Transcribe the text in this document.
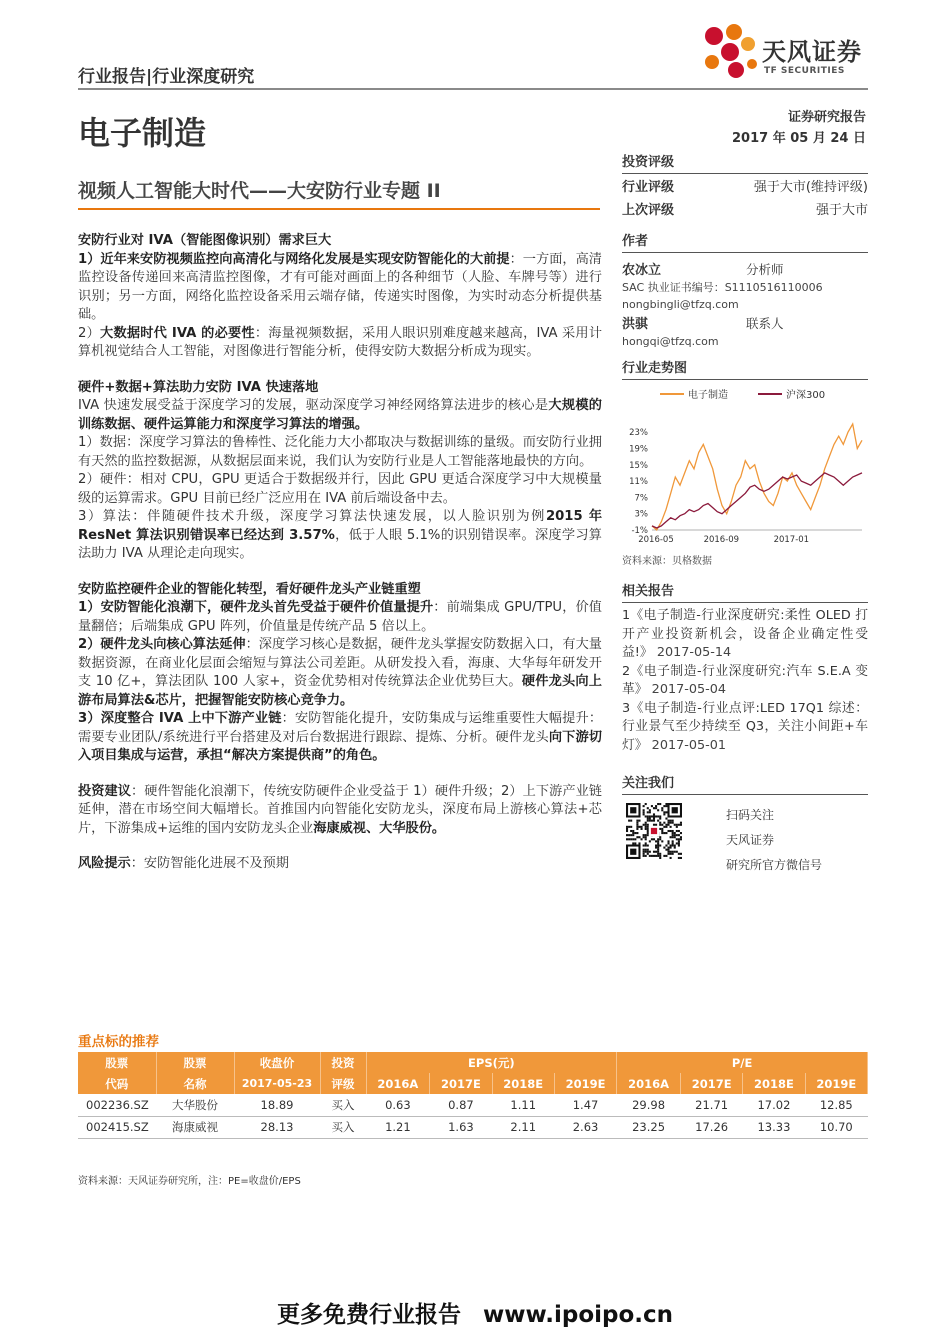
行业报告|行业深度研究
天风证券
TF SECURITIES
电子制造	证券研究报告
2017 年 05 月 24 日
视频人工智能大时代——大安防行业专题 II

安防行业对 IVA（智能图像识别）需求巨大

1）近年来安防视频监控向高清化与网络化发展是实现安防智能化的大前提：一方面，高清监控设备传递回来高清监控图像，才有可能对画面上的各种细节（人脸、车牌号等）进行识别；另一方面，网络化监控设备采用云端存储，传递实时图像，为实时动态分析提供基础。

2）大数据时代 IVA 的必要性：海量视频数据，采用人眼识别难度越来越高，IVA 采用计算机视觉结合人工智能，对图像进行智能分析，使得安防大数据分析成为现实。

硬件+数据+算法助力安防 IVA 快速落地

IVA 快速发展受益于深度学习的发展，驱动深度学习神经网络算法进步的核心是大规模的训练数据、硬件运算能力和深度学习算法的增强。

1）数据：深度学习算法的鲁棒性、泛化能力大小都取决与数据训练的量级。而安防行业拥有天然的监控数据源，从数据层面来说，我们认为安防行业是人工智能落地最快的方向。

2）硬件：相对 CPU，GPU 更适合于数据级并行，因此 GPU 更适合深度学习中大规模量级的运算需求。GPU 目前已经广泛应用在 IVA 前后端设备中去。

3）算法：伴随硬件技术升级，深度学习算法快速发展，以人脸识别为例2015 年 ResNet 算法识别错误率已经达到 3.57%，低于人眼 5.1%的识别错误率。深度学习算法助力 IVA 从理论走向现实。

安防监控硬件企业的智能化转型，看好硬件龙头产业链重塑

1）安防智能化浪潮下，硬件龙头首先受益于硬件价值量提升：前端集成 GPU/TPU，价值量翻倍；后端集成 GPU 阵列，价值量是传统产品 5 倍以上。

2）硬件龙头向核心算法延伸：深度学习核心是数据，硬件龙头掌握安防数据入口，有大量数据资源，在商业化层面会缩短与算法公司差距。从研发投入看，海康、大华每年研发开支 10 亿+，算法团队 100 人家+，资金优势相对传统算法企业优势巨大。硬件龙头向上游布局算法&芯片，把握智能安防核心竞争力。

3）深度整合 IVA 上中下游产业链：安防智能化提升，安防集成与运维重要性大幅提升：需要专业团队/系统进行平台搭建及对后台数据进行跟踪、提炼、分析。硬件龙头向下游切入项目集成与运营，承担“解决方案提供商”的角色。

投资建议：硬件智能化浪潮下，传统安防硬件企业受益于 1）硬件升级；2）上下游产业链延伸，潜在市场空间大幅增长。首推国内向智能化安防龙头，深度布局上游核心算法+芯片，下游集成+运维的国内安防龙头企业海康威视、大华股份。

风险提示：安防智能化进展不及预期

投资评级
行业评级	强于大市(维持评级)
上次评级	强于大市
作者
农冰立	分析师
SAC 执业证书编号：S1110516110006
nongbingli@tfzq.com
洪骐	联系人
hongqi@tfzq.com
行业走势图
电子制造	沪深300
23%
19%
15%
11%
7%
3%
-1%
2016-05	2016-09	2017-01
资料来源：贝格数据
相关报告
1《电子制造-行业深度研究:柔性 OLED 打开产业投资新机会，设备企业确定性受益!》 2017-05-14
2《电子制造-行业深度研究:汽车 S.E.A 变革》 2017-05-04
3《电子制造-行业点评:LED 17Q1 综述：行业景气至少持续至 Q3，关注小间距+车灯》 2017-05-01
关注我们
扫码关注
天风证券
研究所官方微信号
重点标的推荐
股票	股票	收盘价	投资	EPS(元)				P/E			
代码	名称	2017-05-23	评级	2016A	2017E	2018E	2019E	2016A	2017E	2018E	2019E
002236.SZ	大华股份	18.89	买入	0.63	0.87	1.11	1.47	29.98	21.71	17.02	12.85
002415.SZ	海康威视	28.13	买入	1.21	1.63	2.11	2.63	23.25	17.26	13.33	10.70
资料来源：天风证券研究所，注：PE=收盘价/EPS
更多免费行业报告 www.ipoipo.cn
